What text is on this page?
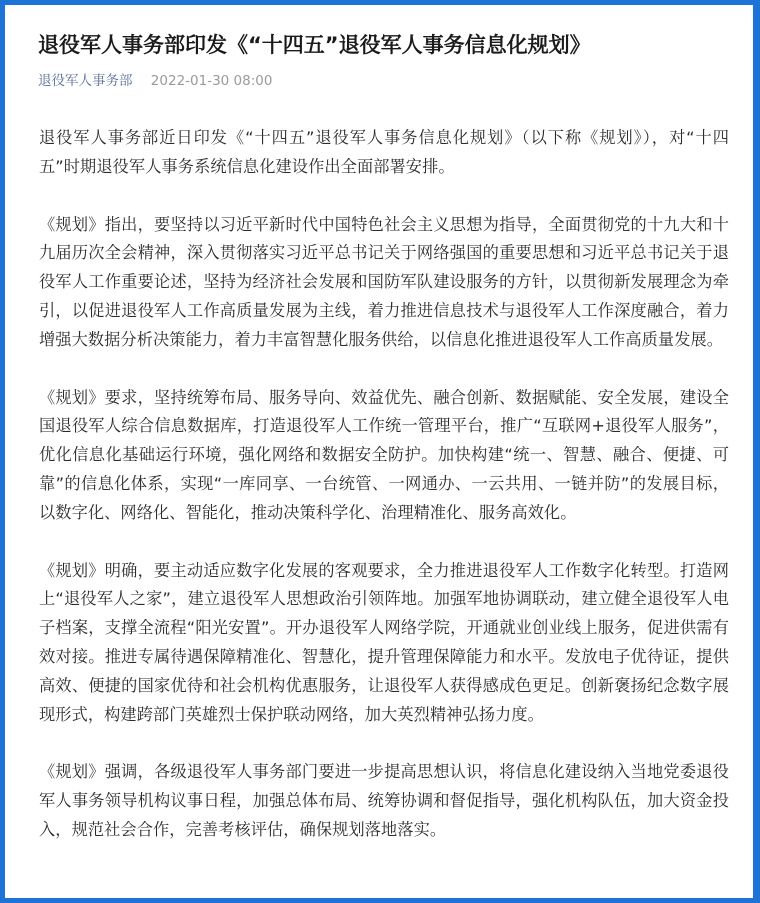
退役军人事务部印发《“十四五”退役军人事务信息化规划》
退役军人事务部 2022-01-30 08:00

退役军人事务部近日印发《“十四五”退役军人事务信息化规划》（以下称《规划》），对“十四五”时期退役军人事务系统信息化建设作出全面部署安排。

《规划》指出，要坚持以习近平新时代中国特色社会主义思想为指导，全面贯彻党的十九大和十九届历次全会精神，深入贯彻落实习近平总书记关于网络强国的重要思想和习近平总书记关于退役军人工作重要论述，坚持为经济社会发展和国防军队建设服务的方针，以贯彻新发展理念为牵引，以促进退役军人工作高质量发展为主线，着力推进信息技术与退役军人工作深度融合，着力增强大数据分析决策能力，着力丰富智慧化服务供给，以信息化推进退役军人工作高质量发展。

《规划》要求，坚持统筹布局、服务导向、效益优先、融合创新、数据赋能、安全发展，建设全国退役军人综合信息数据库，打造退役军人工作统一管理平台，推广“互联网+退役军人服务”，优化信息化基础运行环境，强化网络和数据安全防护。加快构建“统一、智慧、融合、便捷、可靠”的信息化体系，实现“一库同享、一台统管、一网通办、一云共用、一链并防”的发展目标，以数字化、网络化、智能化，推动决策科学化、治理精准化、服务高效化。

《规划》明确，要主动适应数字化发展的客观要求，全力推进退役军人工作数字化转型。打造网上“退役军人之家”，建立退役军人思想政治引领阵地。加强军地协调联动，建立健全退役军人电子档案，支撑全流程“阳光安置”。开办退役军人网络学院，开通就业创业线上服务，促进供需有效对接。推进专属待遇保障精准化、智慧化，提升管理保障能力和水平。发放电子优待证，提供高效、便捷的国家优待和社会机构优惠服务，让退役军人获得感成色更足。创新褒扬纪念数字展现形式，构建跨部门英雄烈士保护联动网络，加大英烈精神弘扬力度。

《规划》强调，各级退役军人事务部门要进一步提高思想认识，将信息化建设纳入当地党委退役军人事务领导机构议事日程，加强总体布局、统筹协调和督促指导，强化机构队伍，加大资金投入，规范社会合作，完善考核评估，确保规划落地落实。
